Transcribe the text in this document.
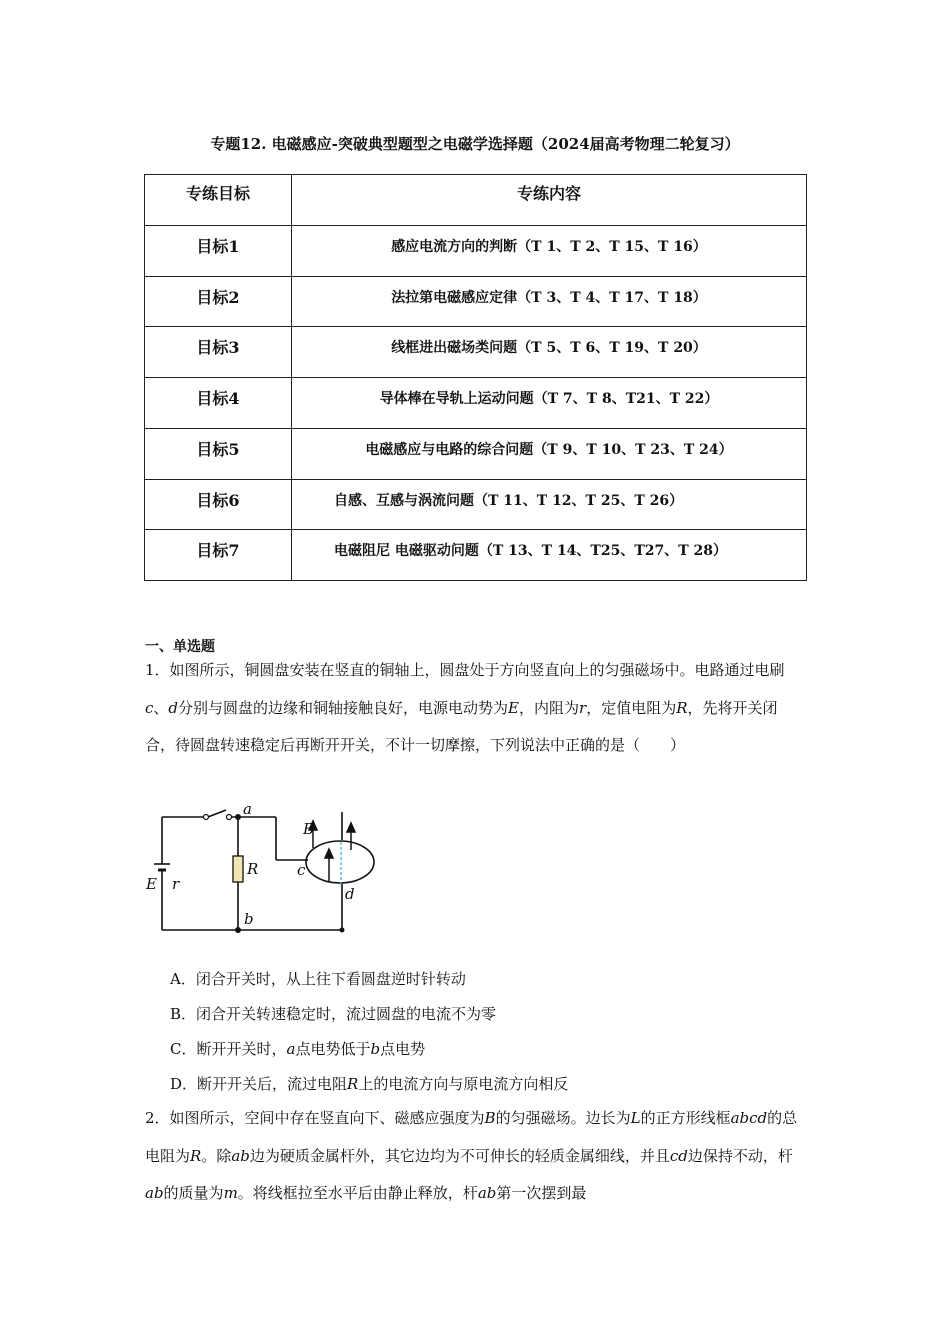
专题12. 电磁感应-突破典型题型之电磁学选择题（2024届高考物理二轮复习）
专练目标	专练内容
目标1	感应电流方向的判断（T 1、T 2、T 15、T 16）
目标2	法拉第电磁感应定律（T 3、T 4、T 17、T 18）
目标3	线框进出磁场类问题（T 5、T 6、T 19、T 20）
目标4	导体棒在导轨上运动问题（T 7、T 8、T21、T 22）
目标5	电磁感应与电路的综合问题（T 9、T 10、T 23、T 24）
目标6	自感、互感与涡流问题（T 11、T 12、T 25、T 26）
目标7	电磁阻尼 电磁驱动问题（T 13、T 14、T25、T27、T 28）
一、单选题
1．如图所示，铜圆盘安装在竖直的铜轴上，圆盘处于方向竖直向上的匀强磁场中。电路通过电刷c、d分别与圆盘的边缘和铜轴接触良好，电源电动势为E，内阻为r，定值电阻为R，先将开关闭合，待圆盘转速稳定后再断开开关，不计一切摩擦，下列说法中正确的是（　　）
a
B
R	c
E r
d
b
A．闭合开关时，从上往下看圆盘逆时针转动
B．闭合开关转速稳定时，流过圆盘的电流不为零
C．断开开关时，a点电势低于b点电势
D．断开开关后，流过电阻R上的电流方向与原电流方向相反
2．如图所示，空间中存在竖直向下、磁感应强度为B的匀强磁场。边长为L的正方形线框abcd的总电阻为R。除ab边为硬质金属杆外，其它边均为不可伸长的轻质金属细线，并且cd边保持不动，杆ab的质量为m。将线框拉至水平后由静止释放，杆ab第一次摆到最
